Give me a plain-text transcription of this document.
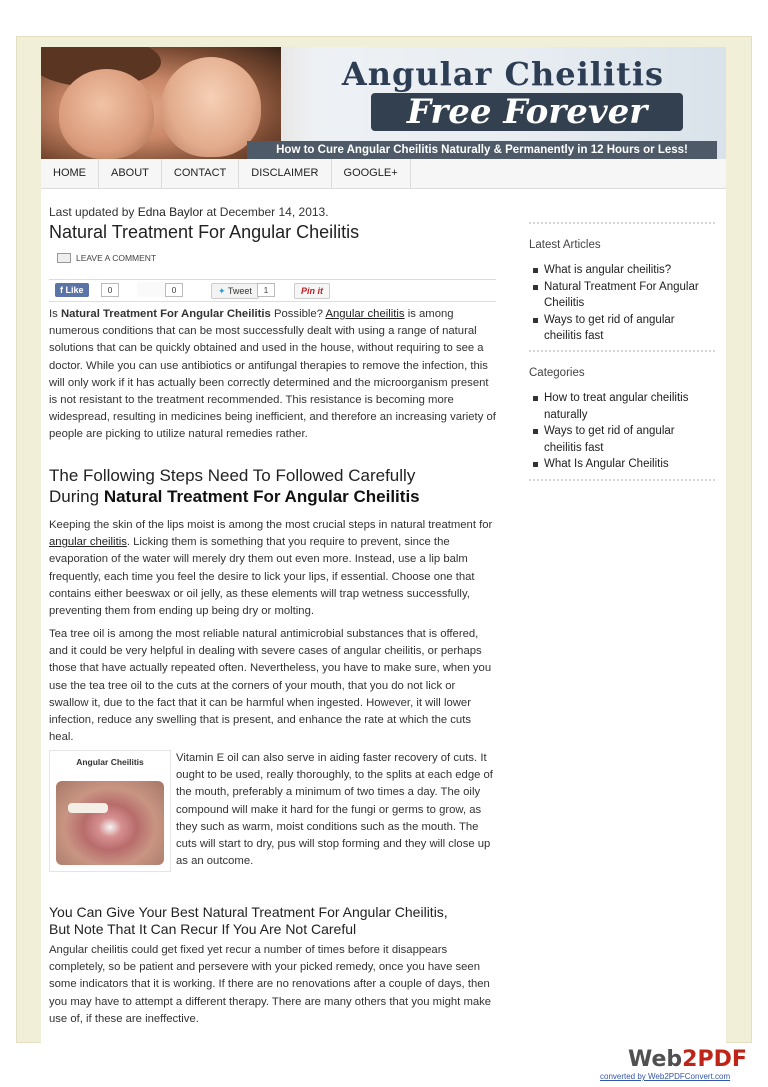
Angular Cheilitis
Free Forever
How to Cure Angular Cheilitis Naturally & Permanently in 12 Hours or Less!
HOME	ABOUT	CONTACT	DISCLAIMER	GOOGLE+
Last updated by Edna Baylor at December 14, 2013.
Natural Treatment For Angular Cheilitis
LEAVE A COMMENT
f Like	0	0	✦ Tweet	1	Pin it

Is Natural Treatment For Angular Cheilitis Possible? Angular cheilitis is among numerous conditions that can be most successfully dealt with using a range of natural solutions that can be quickly obtained and used in the house, without requiring to see a doctor. While you can use antibiotics or antifungal therapies to remove the infection, this will only work if it has actually been correctly determined and the microorganism present is not resistant to the treatment recommended. This resistance is becoming more widespread, resulting in medicines being inefficient, and therefore an increasing variety of people are picking to utilize natural remedies rather.

The Following Steps Need To Followed Carefully
During Natural Treatment For Angular Cheilitis

Keeping the skin of the lips moist is among the most crucial steps in natural treatment for angular cheilitis. Licking them is something that you require to prevent, since the evaporation of the water will merely dry them out even more. Instead, use a lip balm frequently, each time you feel the desire to lick your lips, if essential. Choose one that contains either beeswax or oil jelly, as these elements will trap wetness successfully, preventing them from ending up being dry or molting.

Tea tree oil is among the most reliable natural antimicrobial substances that is offered, and it could be very helpful in dealing with severe cases of angular cheilitis, or perhaps those that have actually repeated often. Nevertheless, you have to make sure, when you use the tea tree oil to the cuts at the corners of your mouth, that you do not lick or swallow it, due to the fact that it can be harmful when ingested. However, it will lower infection, reduce any swelling that is present, and enhance the rate at which the cuts heal.

Angular Cheilitis	Vitamin E oil can also serve in aiding faster recovery of cuts. It ought to be used, really thoroughly, to the splits at each edge of the mouth, preferably a minimum of two times a day. The oily compound will make it hard for the fungi or germs to grow, as they such as warm, moist conditions such as the mouth. The cuts will start to dry, pus will stop forming and they will close up as an outcome.

You Can Give Your Best Natural Treatment For Angular Cheilitis,
But Note That It Can Recur If You Are Not Careful

Angular cheilitis could get fixed yet recur a number of times before it disappears completely, so be patient and persevere with your picked remedy, once you have seen some indicators that it is working. If there are no renovations after a couple of days, then you may have to attempt a different therapy. There are many others that you might make use of, if these are ineffective.

Latest Articles
What is angular cheilitis?
Natural Treatment For Angular Cheilitis
Ways to get rid of angular cheilitis fast
Categories
How to treat angular cheilitis naturally
Ways to get rid of angular cheilitis fast
What Is Angular Cheilitis
Web2PDF
converted by Web2PDFConvert.com
